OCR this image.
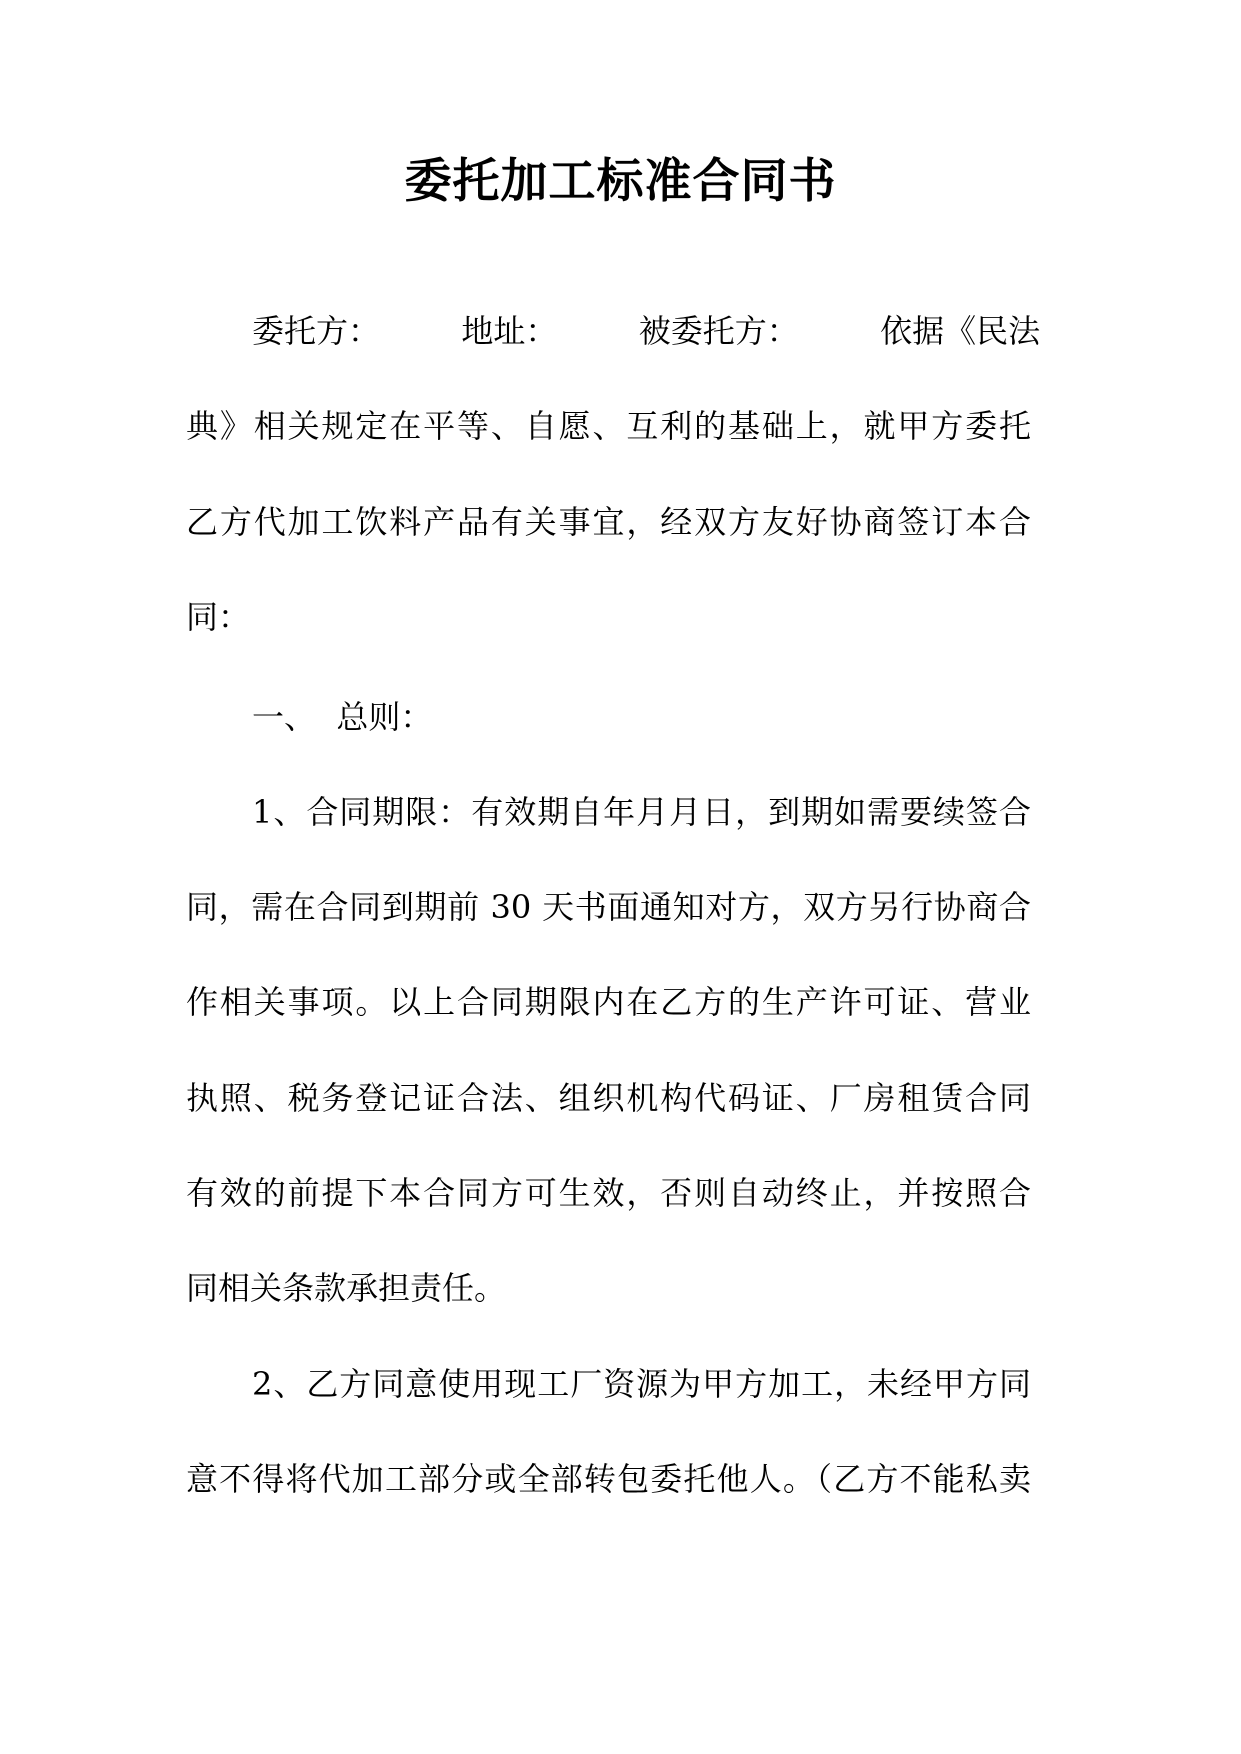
委托加工标准合同书

委托方：        地址：        被委托方：        依据《民法

典》相关规定在平等、自愿、互利的基础上，就甲方委托

乙方代加工饮料产品有关事宜，经双方友好协商签订本合

同：

一、  总则：

1、合同期限：有效期自年月月日，到期如需要续签合

同，需在合同到期前 30 天书面通知对方，双方另行协商合

作相关事项。以上合同期限内在乙方的生产许可证、营业

执照、税务登记证合法、组织机构代码证、厂房租赁合同

有效的前提下本合同方可生效，否则自动终止，并按照合

同相关条款承担责任。

2、乙方同意使用现工厂资源为甲方加工，未经甲方同

意不得将代加工部分或全部转包委托他人。（乙方不能私卖
